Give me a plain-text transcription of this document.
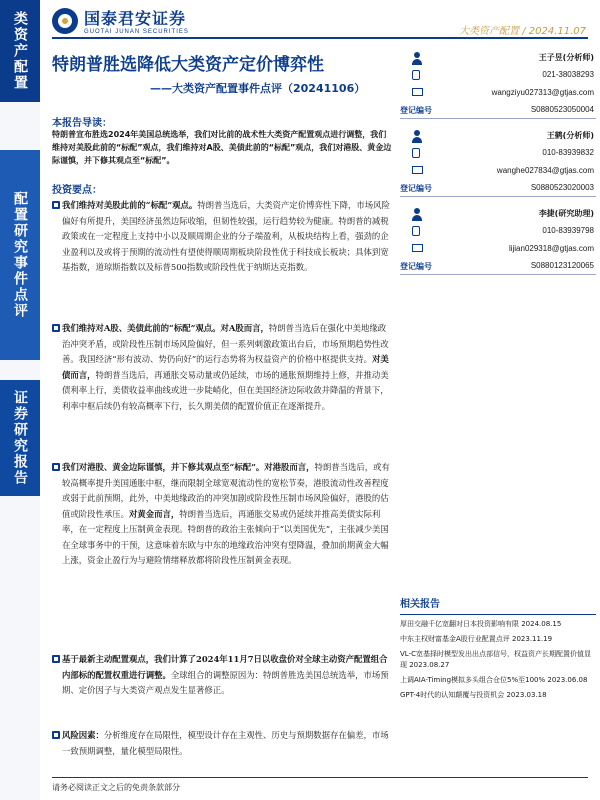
类资产配置
配置研究事件点评
证券研究报告
国泰君安证券
GUOTAI JUNAN SECURITIES	大类资产配置 / 2024.11.07
特朗普胜选降低大类资产定价博弈性
——大类资产配置事件点评（20241106）
本报告导读：
特朗普宣布胜选2024年美国总统选举，我们对比前的战术性大类资产配置观点进行调整，我们维持对美股此前的“标配”观点，我们维持对A股、美债此前的“标配”观点，我们对港股、黄金边际谨慎，并下修其观点至“标配”。
投资要点：
我们维持对美股此前的“标配”观点。特朗普当选后，大类资产定价博弈性下降，市场风险偏好有所提升，美国经济虽然边际收缩，但韧性较强，运行趋势较为健康。特朗普的减税政策或在一定程度上支持中小以及顺周期企业的分子端盈利，从板块结构上看，强劲的企业盈利以及或将于预期的流动性有望使得顺周期板块阶段性优于科技成长板块；具体到宽基指数，道琼斯指数以及标普500指数或阶段性优于纳斯达克指数。
我们维持对A股、美债此前的“标配”观点。对A股而言，特朗普当选后在强化中美地缘政治冲突矛盾，或阶段性压制市场风险偏好，但一系列刺激政策出台后，市场预期趋势性改善。我国经济“形有波动、势仍向好”的运行态势将为权益资产的价格中枢提供支持。对美债而言，特朗普当选后，再通胀交易动量或仍延续，市场的通胀预期维持上修，并推动美债利率上行，美债收益率曲线或进一步陡峭化，但在美国经济边际收敛并降温的背景下，利率中枢后续仍有较高概率下行，长久期美债的配置价值正在逐渐提升。
我们对港股、黄金边际谨慎，并下修其观点至“标配”。对港股而言，特朗普当选后，或有较高概率提升美国通胀中枢，继而限制全球宽观流动性的宽松节奏，港股流动性改善程度或弱于此前预期，此外，中美地缘政治的冲突加剧或阶段性压制市场风险偏好，港股的估值或阶段性承压。对黄金而言，特朗普当选后，再通胀交易或仍延续并推高美债实际利率，在一定程度上压制黄金表现。特朗普的政治主张倾向于“以美国优先”，主张减少美国在全球事务中的干预，这意味着东欧与中东的地缘政治冲突有望降温，叠加前期黄金大幅上涨，资金止盈行为与避险情绪释放都将阶段性压制黄金表现。
基于最新主动配置观点，我们计算了2024年11月7日以收盘价对全球主动资产配置组合内部标的配置权重进行调整。全球组合的调整原因为：特朗普胜选美国总统选举，市场预期、定价因子与大类资产观点发生显著修正。
风险因素：分析维度存在局限性，模型设计存在主观性、历史与预期数据存在偏差，市场一致预期调整，量化模型局限性。
王子昱(分析师)
021-38038293
wangziyu027313@gtjas.com
登记编号	S0880523050004
王鹤(分析师)
010-83939832
wanghe027834@gtjas.com
登记编号	S0880523020003
李捷(研究助理)
010-83939798
lijian029318@gtjas.com
登记编号	S0880123120065
相关报告
厚田交融千亿宽翻对日本投资影响有限 2024.08.15
中东主权财富基金A股行业配置点评 2023.11.19
VL-C宽基择时模型发出出点部信号，权益资产长期配置价值显现 2023.08.27
上调AIA-Timing模拟多头组合仓位5%至100% 2023.06.08
GPT-4时代的认知颠覆与投资机会 2023.03.18
请务必阅读正文之后的免责条款部分
